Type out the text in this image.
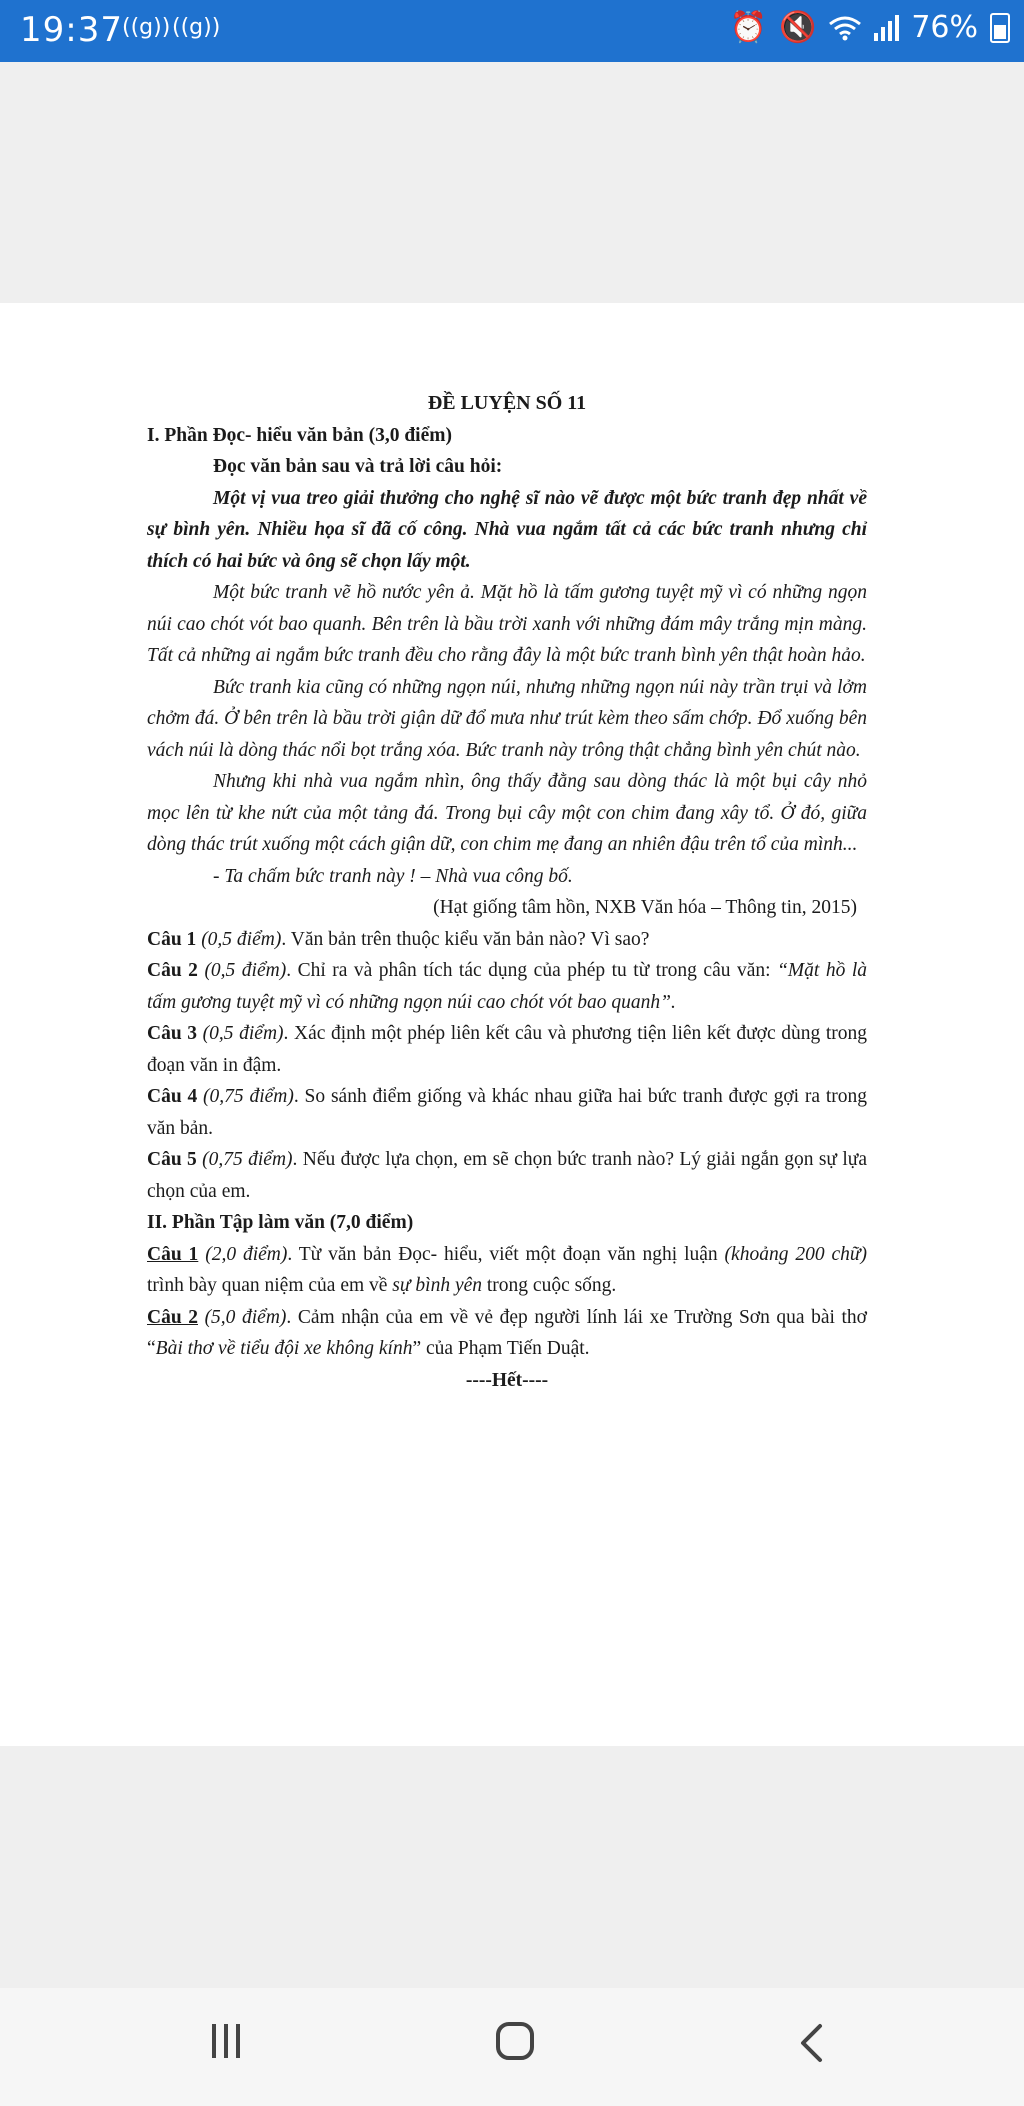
19:37 ((g)) ((g))	⏰ 🔇	76%

ĐỀ LUYỆN SỐ 11

I. Phần Đọc- hiểu văn bản (3,0 điểm)

Đọc văn bản sau và trả lời câu hỏi:

Một vị vua treo giải thưởng cho nghệ sĩ nào vẽ được một bức tranh đẹp nhất về sự bình yên. Nhiều họa sĩ đã cố công. Nhà vua ngắm tất cả các bức tranh nhưng chỉ thích có hai bức và ông sẽ chọn lấy một.

Một bức tranh vẽ hồ nước yên ả. Mặt hồ là tấm gương tuyệt mỹ vì có những ngọn núi cao chót vót bao quanh. Bên trên là bầu trời xanh với những đám mây trắng mịn màng. Tất cả những ai ngắm bức tranh đều cho rằng đây là một bức tranh bình yên thật hoàn hảo.

Bức tranh kia cũng có những ngọn núi, nhưng những ngọn núi này trần trụi và lởm chởm đá. Ở bên trên là bầu trời giận dữ đổ mưa như trút kèm theo sấm chớp. Đổ xuống bên vách núi là dòng thác nổi bọt trắng xóa. Bức tranh này trông thật chẳng bình yên chút nào.

Nhưng khi nhà vua ngắm nhìn, ông thấy đằng sau dòng thác là một bụi cây nhỏ mọc lên từ khe nứt của một tảng đá. Trong bụi cây một con chim đang xây tổ. Ở đó, giữa dòng thác trút xuống một cách giận dữ, con chim mẹ đang an nhiên đậu trên tổ của mình...

- Ta chấm bức tranh này ! – Nhà vua công bố.

(Hạt giống tâm hồn, NXB Văn hóa – Thông tin, 2015)

Câu 1 (0,5 điểm). Văn bản trên thuộc kiểu văn bản nào? Vì sao?

Câu 2 (0,5 điểm). Chỉ ra và phân tích tác dụng của phép tu từ trong câu văn: “Mặt hồ là tấm gương tuyệt mỹ vì có những ngọn núi cao chót vót bao quanh”.

Câu 3 (0,5 điểm). Xác định một phép liên kết câu và phương tiện liên kết được dùng trong đoạn văn in đậm.

Câu 4 (0,75 điểm). So sánh điểm giống và khác nhau giữa hai bức tranh được gợi ra trong văn bản.

Câu 5 (0,75 điểm). Nếu được lựa chọn, em sẽ chọn bức tranh nào? Lý giải ngắn gọn sự lựa chọn của em.

II. Phần Tập làm văn (7,0 điểm)

Câu 1 (2,0 điểm). Từ văn bản Đọc- hiểu, viết một đoạn văn nghị luận (khoảng 200 chữ) trình bày quan niệm của em về sự bình yên trong cuộc sống.

Câu 2 (5,0 điểm). Cảm nhận của em về vẻ đẹp người lính lái xe Trường Sơn qua bài thơ “Bài thơ về tiểu đội xe không kính” của Phạm Tiến Duật.

----Hết----
